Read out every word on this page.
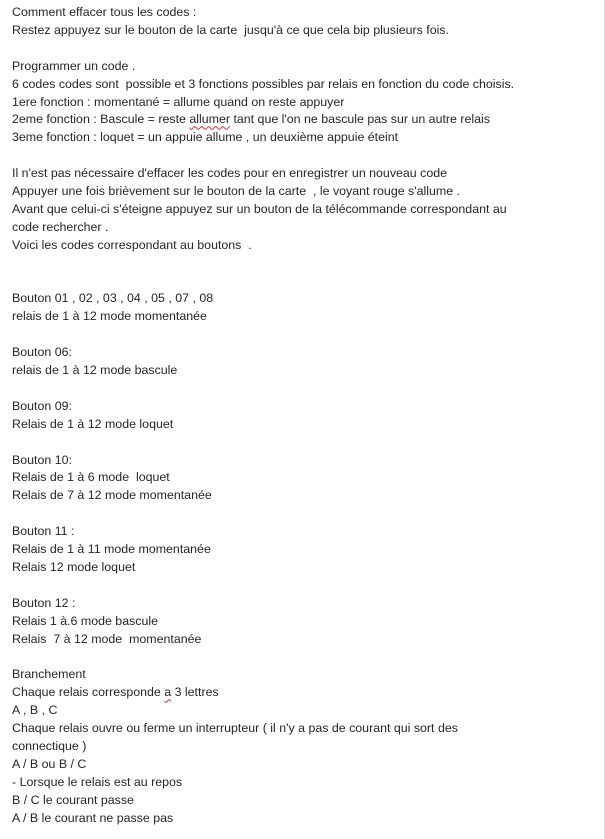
Comment effacer tous les codes :
Restez appuyez sur le bouton de la carte  jusqu'à ce que cela bip plusieurs fois.
Programmer un code .
6 codes codes sont  possible et 3 fonctions possibles par relais en fonction du code choisis.
1ere fonction : momentané = allume quand on reste appuyer
2eme fonction : Bascule = reste allumer tant que l'on ne bascule pas sur un autre relais
3eme fonction : loquet = un appuie allume , un deuxième appuie éteint
Il n'est pas nécessaire d'effacer les codes pour en enregistrer un nouveau code
Appuyer une fois brièvement sur le bouton de la carte  , le voyant rouge s'allume .
Avant que celui-ci s'éteigne appuyez sur un bouton de la télécommande correspondant au
code rechercher .
Voici les codes correspondant au boutons  .
Bouton 01 , 02 , 03 , 04 , 05 , 07 , 08
relais de 1 à 12 mode momentanée
Bouton 06:
relais de 1 à 12 mode bascule
Bouton 09:
Relais de 1 à 12 mode loquet
Bouton 10:
Relais de 1 à 6 mode  loquet
Relais de 7 à 12 mode momentanée
Bouton 11 :
Relais de 1 à 11 mode momentanée
Relais 12 mode loquet
Bouton 12 :
Relais 1 à.6 mode bascule
Relais  7 à 12 mode  momentanée
Branchement
Chaque relais corresponde a 3 lettres
A , B , C
Chaque relais ouvre ou ferme un interrupteur ( il n'y a pas de courant qui sort des
connectique )
A / B ou B / C
- Lorsque le relais est au repos
B / C le courant passe
A / B le courant ne passe pas
